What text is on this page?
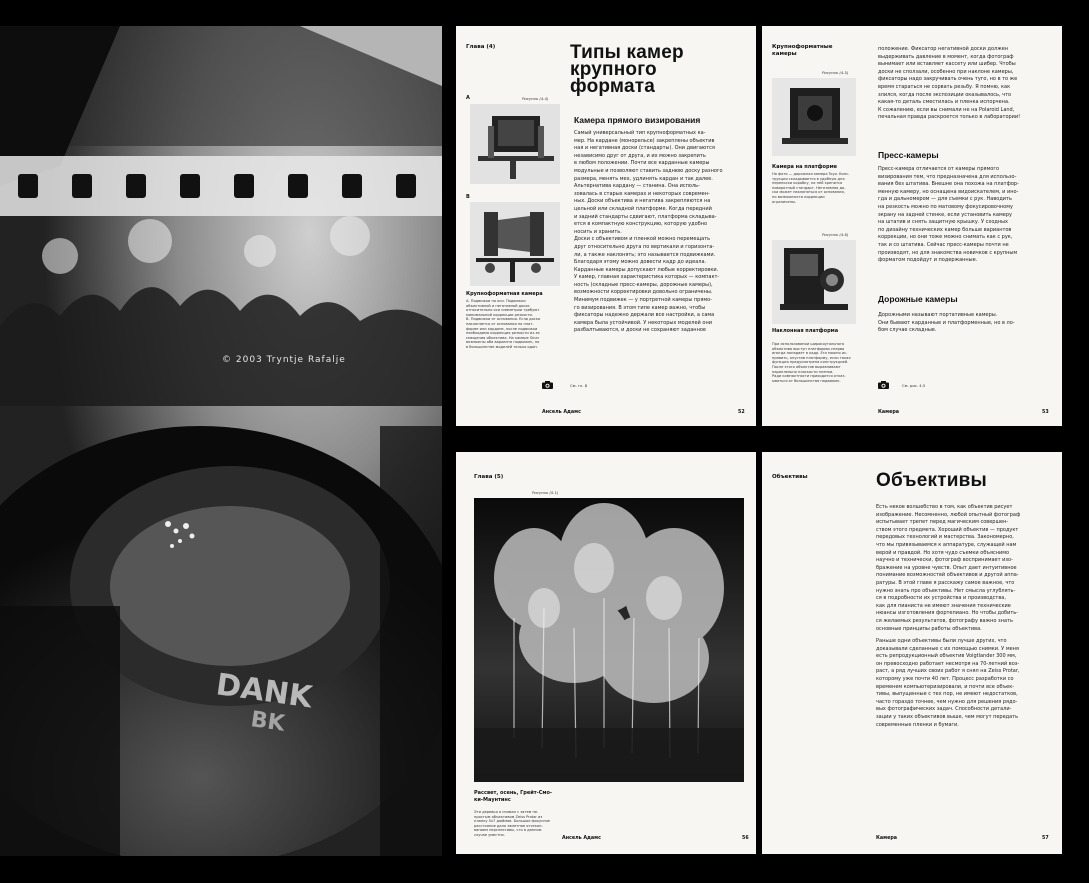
DANK
BK
© 2003 Tryntje Rafalje
Глава (4)	Типы камер
крупного
формата
Рисунок (4.4)
А
B
Крупноформатная камера
А. Подвижки по оси. Подвижки
объективной и негативной досок
относительно оси симметрии требуют
минимальной коррекции резкости.
B. Подвижки от основания. Если доска
наклоняется от основания на плат-
форме или кардане, после подвижки
необходима коррекция резкости из-за
смещения объектива. На камере Sinar
возможны оба варианта подвижек, но
в большинстве моделей только один.
Камера прямого визирования
Самый универсальный тип крупноформатных ка-
мер. На кардане (монорельсе) закреплены объектив
ная и негативная доски (стандарты). Они двигаются
независимо друг от друга, и их можно закрепить
в любом положении. Почти все карданные камеры
модульные и позволяют ставить заднюю доску разного
размера, менять мех, удлинять кардан и так далее.
Альтернатива кардану — станина. Она исполь-
зовалась в старых камерах и некоторых современ-
ных. Доски объектива и негатива закрепляются на
цельной или складной платформе. Когда передний
и задний стандарты сдвигают, платформа складыва-
ется в компактную конструкцию, которую удобно
носить и хранить.
Доски с объективом и пленкой можно перемещать
друг относительно друга по вертикали и горизонта-
ли, а также наклонять; это называется подвижками.
Благодаря этому можно довести кадр до идеала.
Карданные камеры допускают любые корректировки.
У камер, главная характеристика которых — компакт-
ность (складные пресс-камеры, дорожные камеры),
возможности корректировки довольно ограничены.
Минимум подвижек — у портретной камеры прямо-
го визирования. В этом типе камер важно, чтобы
фиксаторы надежно держали все настройки, а сама
камера была устойчивой. У некоторых моделей они
разбалтываются, и доски не сохраняют заданное
См. гл. 8
Ансель Адамс	52
Крупноформатные
камеры
Рисунок (4.5)
Камера на платформе
На фото — дорожная камера Toyo. Конс-
трукция складывается в удобную для
переноски коробку, на ней крепится
поворотный стандарт. Негативная до-
ска может наклоняться от основания,
но возможности коррекции
ограничены.
Рисунок (4.6)
Наклонная платформа
При использовании широкоугольного
объектива выступ платформы сперва
иногда попадает в кадр. Его можно ис-
править, опустив платформу, если такая
функция предусмотрена конструкцией.
После этого объектив выравнивают
параллельно плоскости пленки.
Ради компактности приходится отказ-
ываться от большинства подвижек.
положение. Фиксатор негативной доски должен
выдерживать давление в момент, когда фотограф
вынимает или вставляет кассету или шибер. Чтобы
доски не сползали, особенно при наклоне камеры,
фиксаторы надо закручивать очень туго, но в то же
время стараться не сорвать резьбу. Я помню, как
злился, когда после экспозиции оказывалось, что
какая-то деталь сместилась и пленка испорчена.
К сожалению, если вы снимали не на Polaroid Land,
печальная правда раскроется только в лаборатории!
Пресс-камеры
Пресс-камера отличается от камеры прямого
визирования тем, что предназначена для использо-
вания без штатива. Внешне она похожа на платфор-
менную камеру, но оснащена видоискателем, и ино-
гда и дальномером — для съемки с рук. Наводить
на резкость можно по матовому фокусировочному
экрану на задней стенке, если установить камеру
на штатив и снять защитную крышку. У сходных
по дизайну технических камер больше вариантов
коррекции, но они тоже можно снимать как с рук,
так и со штатива. Сейчас пресс-камеры почти не
производят, но для знакомства новичков с крупным
форматом подойдут и подержанные.
Дорожные камеры
Дорожными называют портативные камеры.
Они бывают карданные и платформенные, но в ло-
бом случае складные.
См. рис. 4.5
Камера	53
Глава (5)
Рисунок (5.1)
Рассвет, осень, Грейт-Смо-
ки-Маунтинс
Эти деревья я снимал с затем не-
простым объективом Zeiss Protar из
планку 5х7 дюймов. Большое фокусное
расстояние дало заметное отсекан-
ванием перспективы, что в данном
случае уместно.
Ансель Адамс	56
Объективы	Объективы
Есть некое волшебство в том, как объектив рисует
изображение. Несомненно, любой опытный фотограф
испытывает трепет перед магическим совершен-
ством этого предмета. Хороший объектив — продукт
передовых технологий и мастерства. Закономерно,
что мы привязываемся к аппаратуре, служащей нам
верой и правдой. Но хотя чудо съемки объяснимо
научно и технически, фотограф воспринимает изо-
бражение на уровне чувств. Опыт дает интуитивное
понимание возможностей объективов и другой аппа-
ратуры. В этой главе я расскажу самое важное, что
нужно знать про объективы. Нет смысла углублять-
ся в подробности их устройства и производства,
как для пианиста не имеют значения технические
нюансы изготовления фортепиано. Но чтобы добить-
ся желаемых результатов, фотографу важно знать
основные принципы работы объектива.
Раньше одни объективы были лучше других, что
доказывали сделанные с их помощью снимки. У меня
есть репродукционный объектив Voigtlander 300 мм,
он превосходно работает несмотря на 70-летний воз-
раст, а ряд лучших своих работ я снял на Zeiss Protar,
которому уже почти 40 лет. Процесс разработки со
временем компьютеризировали, и почти все объек-
тивы, выпущенные с тех пор, не имеют недостатков,
часто гораздо точнее, чем нужно для решения рядо-
вых фотографических задач. Способности детали-
зации у таких объективов выше, чем могут передать
современные пленки и бумаги.
Камера	57
